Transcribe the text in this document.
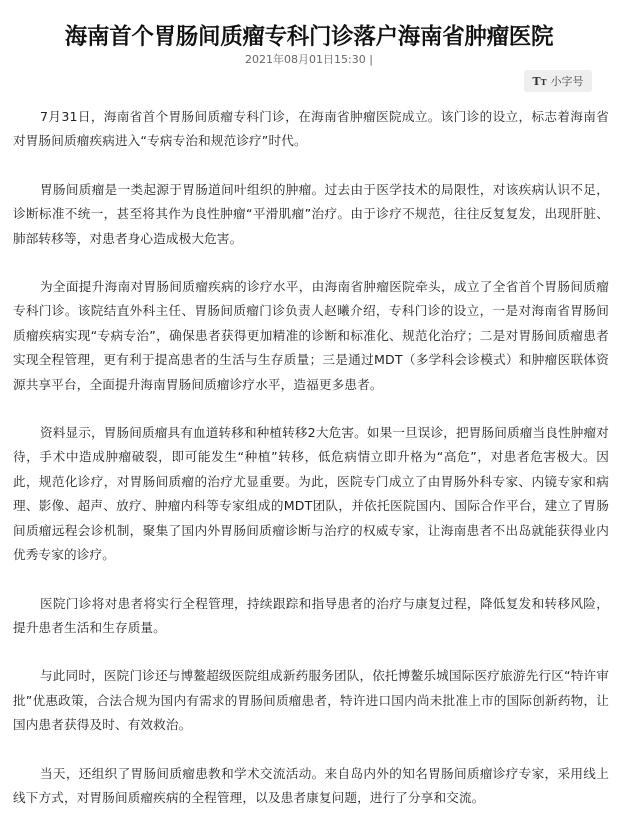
海南首个胃肠间质瘤专科门诊落户海南省肿瘤医院
2021年08月01日15:30 |
TT 小字号

7月31日，海南省首个胃肠间质瘤专科门诊，在海南省肿瘤医院成立。该门诊的设立，标志着海南省对胃肠间质瘤疾病进入“专病专治和规范诊疗”时代。

胃肠间质瘤是一类起源于胃肠道间叶组织的肿瘤。过去由于医学技术的局限性，对该疾病认识不足，诊断标准不统一，甚至将其作为良性肿瘤“平滑肌瘤”治疗。由于诊疗不规范，往往反复复发，出现肝脏、肺部转移等，对患者身心造成极大危害。

为全面提升海南对胃肠间质瘤疾病的诊疗水平，由海南省肿瘤医院牵头，成立了全省首个胃肠间质瘤专科门诊。该院结直外科主任、胃肠间质瘤门诊负责人赵曦介绍，专科门诊的设立，一是对海南省胃肠间质瘤疾病实现“专病专治”，确保患者获得更加精准的诊断和标准化、规范化治疗；二是对胃肠间质瘤患者实现全程管理，更有利于提高患者的生活与生存质量；三是通过MDT（多学科会诊模式）和肿瘤医联体资源共享平台，全面提升海南胃肠间质瘤诊疗水平，造福更多患者。

资料显示，胃肠间质瘤具有血道转移和种植转移2大危害。如果一旦误诊，把胃肠间质瘤当良性肿瘤对待，手术中造成肿瘤破裂，即可能发生“种植”转移，低危病情立即升格为“高危”，对患者危害极大。因此，规范化诊疗，对胃肠间质瘤的治疗尤显重要。为此，医院专门成立了由胃肠外科专家、内镜专家和病理、影像、超声、放疗、肿瘤内科等专家组成的MDT团队，并依托医院国内、国际合作平台，建立了胃肠间质瘤远程会诊机制，聚集了国内外胃肠间质瘤诊断与治疗的权威专家，让海南患者不出岛就能获得业内优秀专家的诊疗。

医院门诊将对患者将实行全程管理，持续跟踪和指导患者的治疗与康复过程，降低复发和转移风险，提升患者生活和生存质量。

与此同时，医院门诊还与博鳌超级医院组成新药服务团队，依托博鳌乐城国际医疗旅游先行区“特许审批”优惠政策，合法合规为国内有需求的胃肠间质瘤患者，特许进口国内尚未批准上市的国际创新药物，让国内患者获得及时、有效救治。

当天，还组织了胃肠间质瘤患教和学术交流活动。来自岛内外的知名胃肠间质瘤诊疗专家，采用线上线下方式，对胃肠间质瘤疾病的全程管理，以及患者康复问题，进行了分享和交流。
